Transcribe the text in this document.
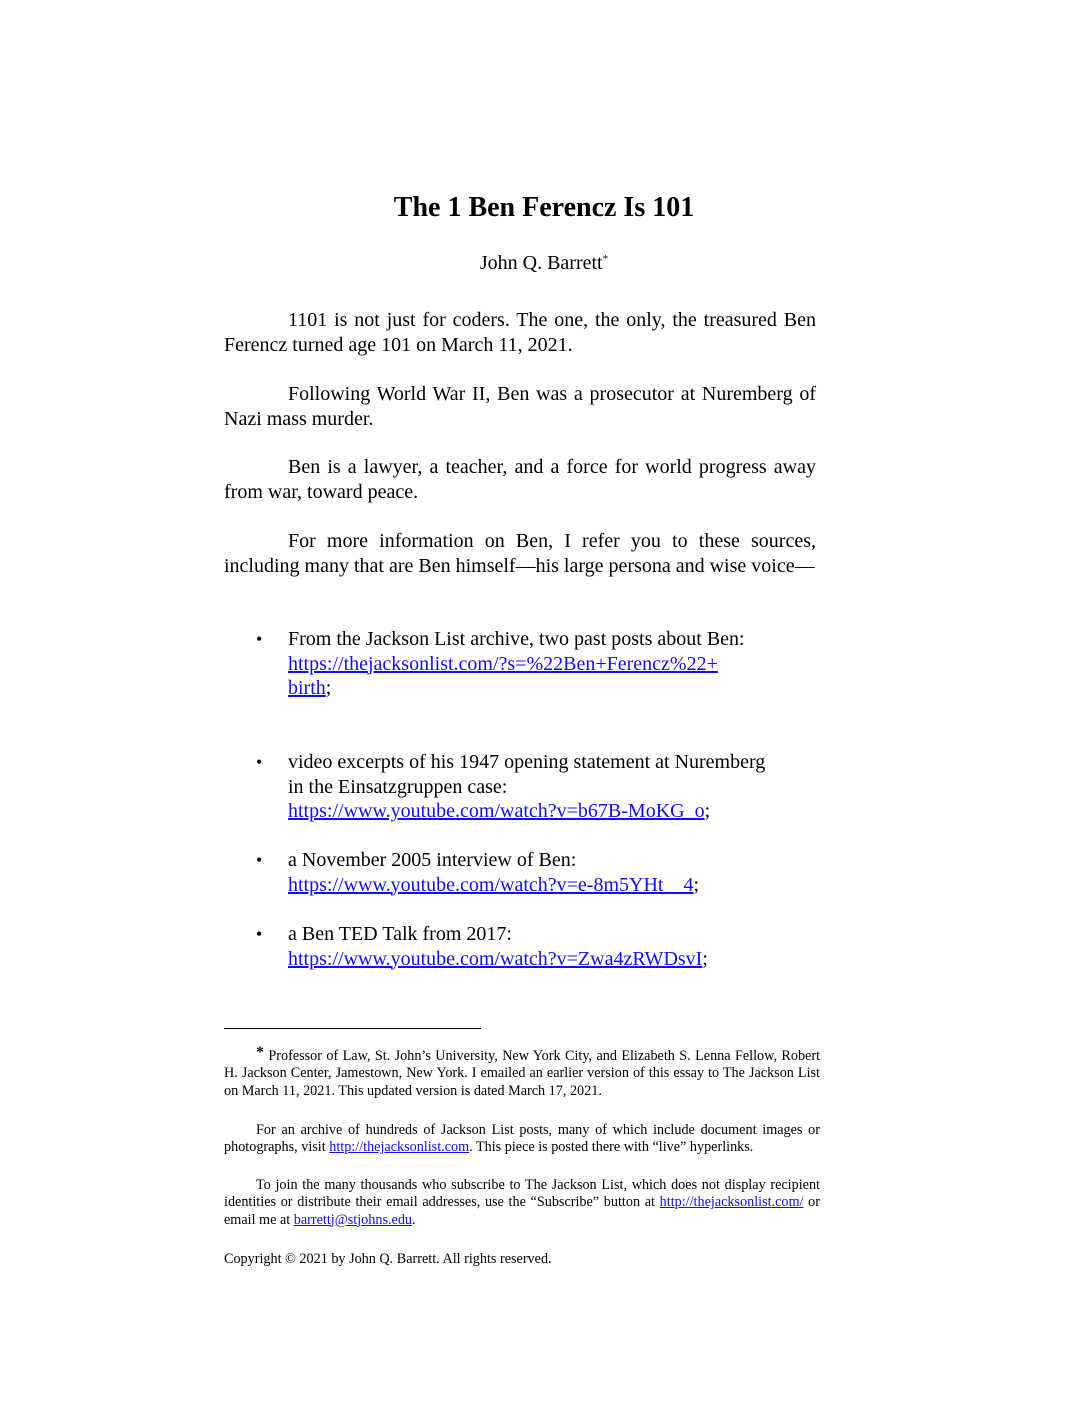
The 1 Ben Ferencz Is 101
John Q. Barrett*

1101 is not just for coders. The one, the only, the treasured Ben Ferencz turned age 101 on March 11, 2021.

Following World War II, Ben was a prosecutor at Nuremberg of Nazi mass murder.

Ben is a lawyer, a teacher, and a force for world progress away from war, toward peace.

For more information on Ben, I refer you to these sources, including many that are Ben himself—his large persona and wise voice—

•	From the Jackson List archive, two past posts about Ben:
https://thejacksonlist.com/?s=%22Ben+Ferencz%22+
birth;

•	video excerpts of his 1947 opening statement at Nuremberg in the Einsatzgruppen case: https://www.youtube.com/watch?v=b67B-MoKG_o;

•	a November 2005 interview of Ben:
https://www.youtube.com/watch?v=e-8m5YHt__4;

•	a Ben TED Talk from 2017:
https://www.youtube.com/watch?v=Zwa4zRWDsvI;

* Professor of Law, St. John’s University, New York City, and Elizabeth S. Lenna Fellow, Robert H. Jackson Center, Jamestown, New York. I emailed an earlier version of this essay to The Jackson List on March 11, 2021. This updated version is dated March 17, 2021.

For an archive of hundreds of Jackson List posts, many of which include document images or photographs, visit http://thejacksonlist.com. This piece is posted there with “live” hyperlinks.

To join the many thousands who subscribe to The Jackson List, which does not display recipient identities or distribute their email addresses, use the “Subscribe” button at http://thejacksonlist.com/ or email me at barrettj@stjohns.edu.

Copyright © 2021 by John Q. Barrett. All rights reserved.
